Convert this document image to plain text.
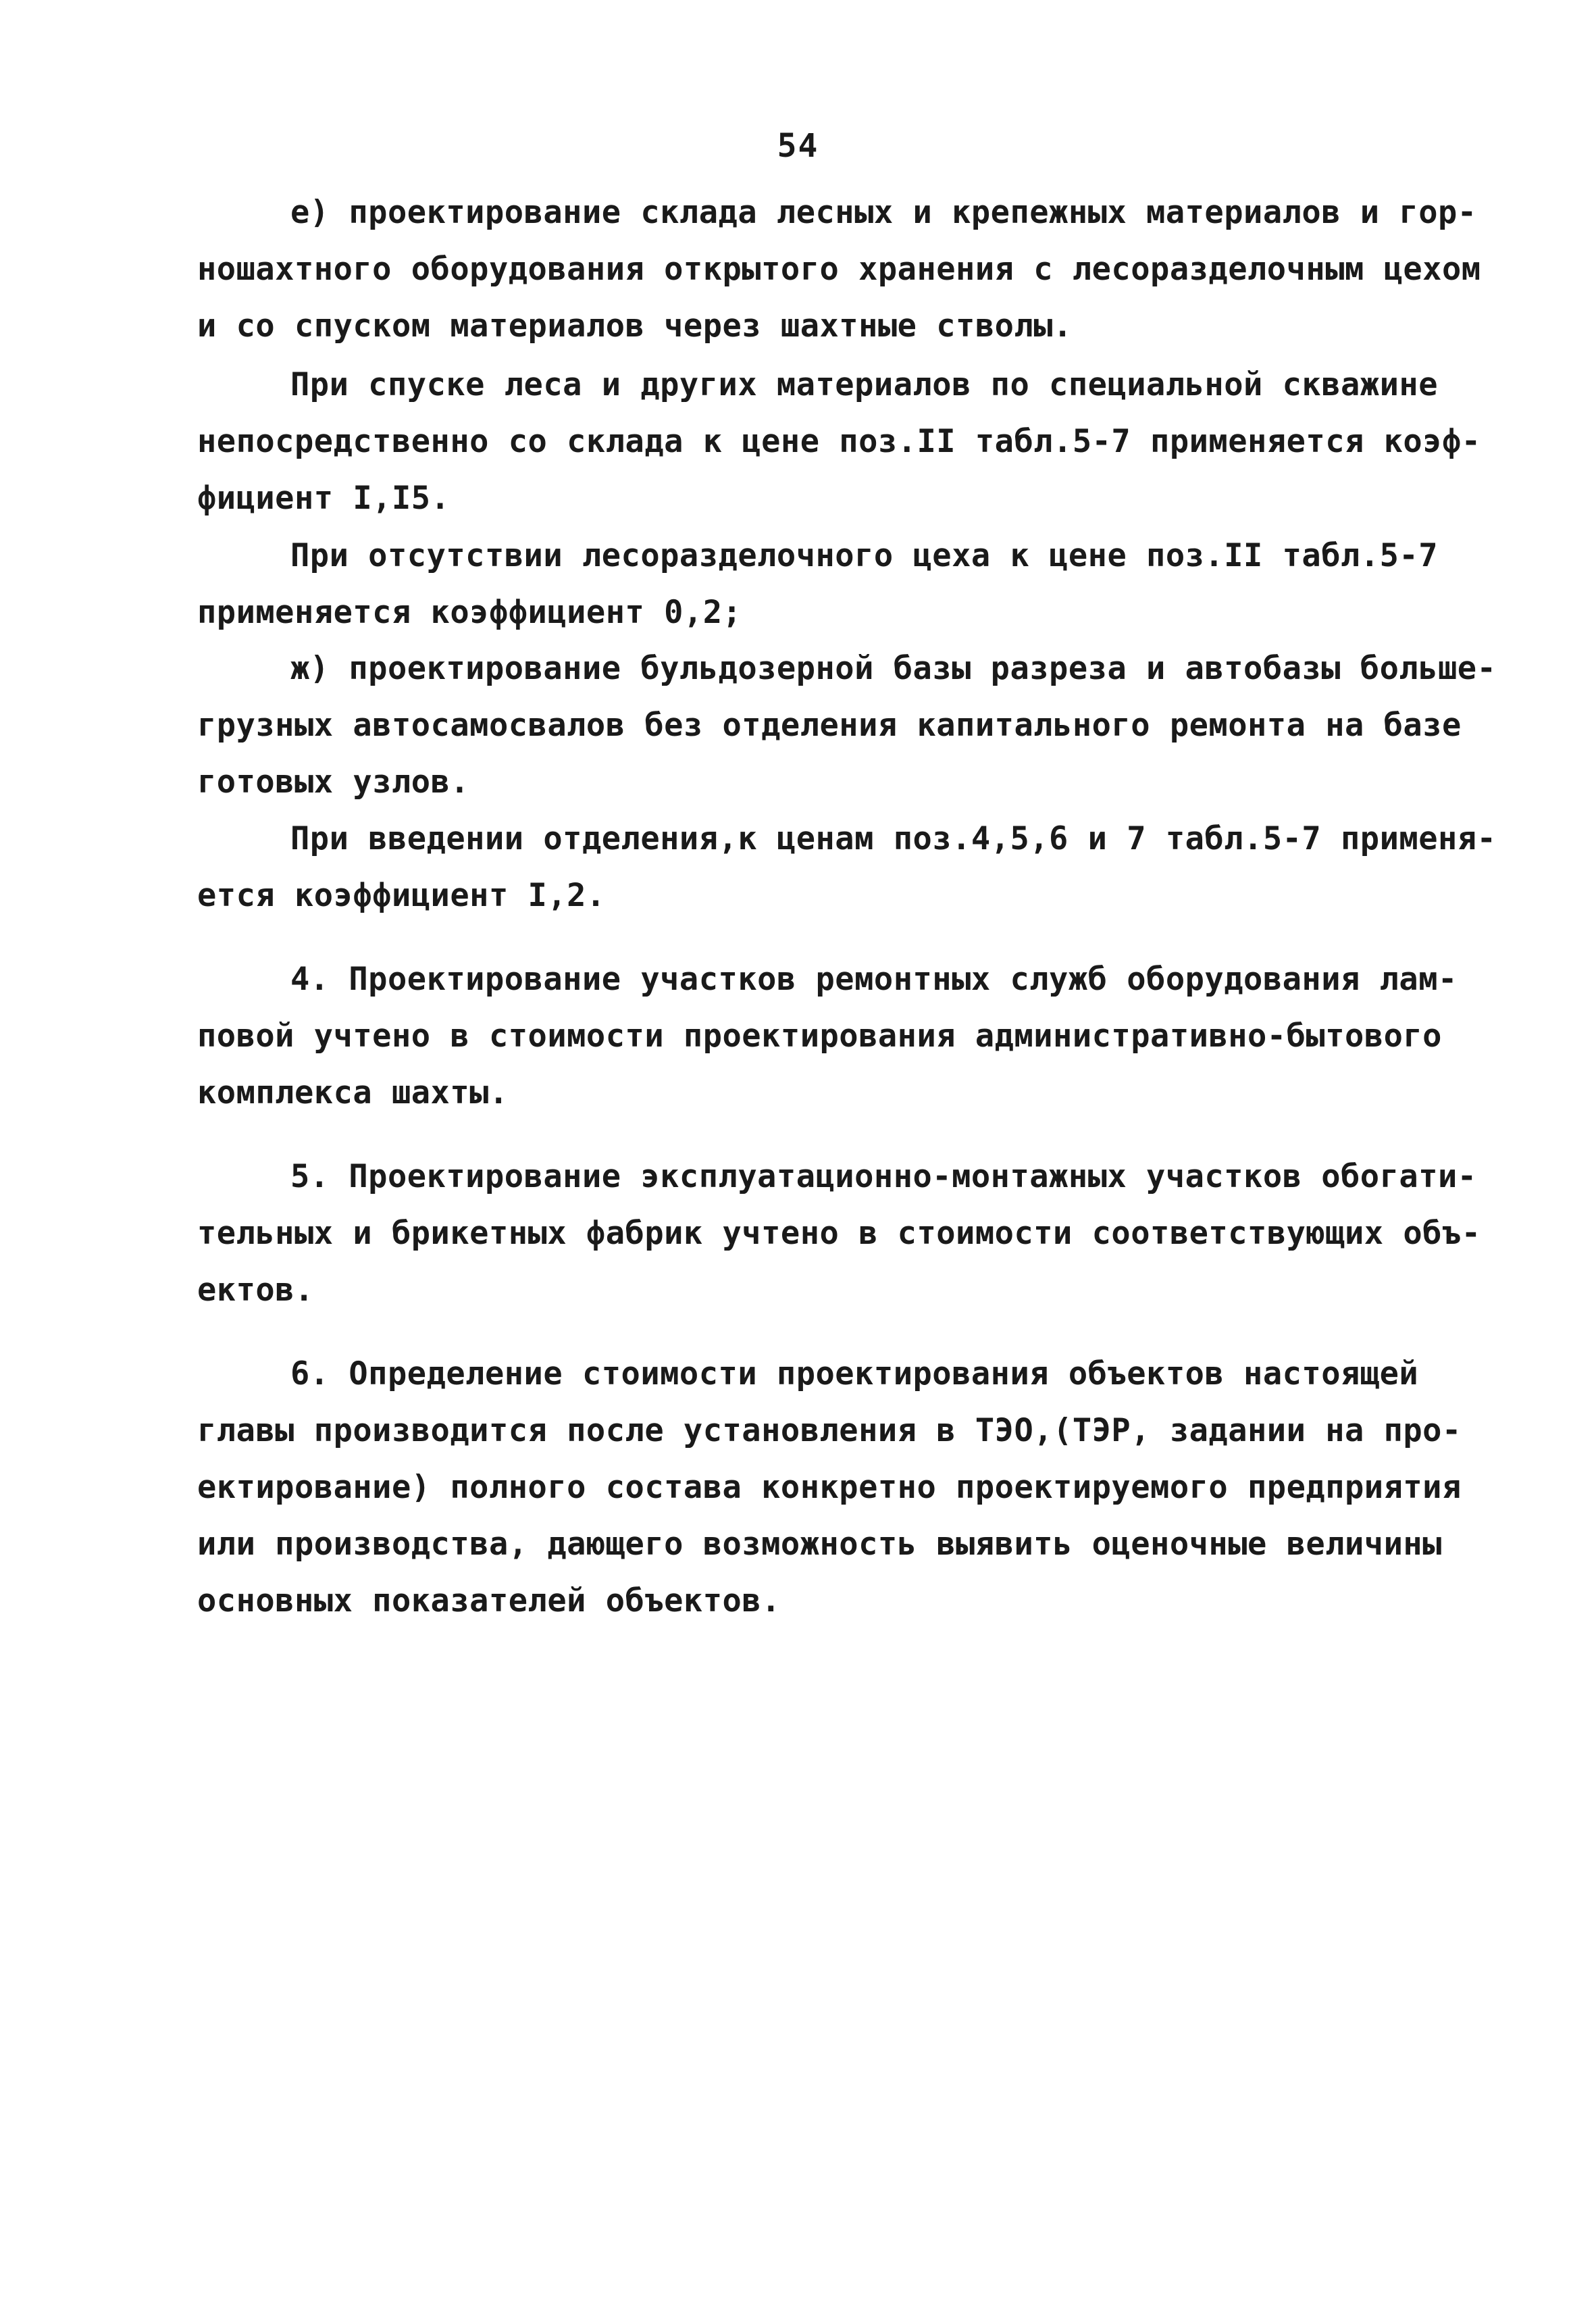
54
е) проектирование склада лесных и крепежных материалов и гор-
ношахтного оборудования открытого хранения с лесоразделочным цехом
и со спуском материалов через шахтные стволы.
При спуске леса и других материалов по специальной скважине
непосредственно со склада к цене поз.II табл.5-7 применяется коэф-
фициент I,I5.
При отсутствии лесоразделочного цеха к цене поз.II табл.5-7
применяется коэффициент 0,2;
ж) проектирование бульдозерной базы разреза и автобазы больше-
грузных автосамосвалов без отделения капитального ремонта на базе
готовых узлов.
При введении отделения,к ценам поз.4,5,6 и 7 табл.5-7 применя-
ется коэффициент I,2.
4. Проектирование участков ремонтных служб оборудования лам-
повой учтено в стоимости проектирования административно-бытового
комплекса шахты.
5. Проектирование эксплуатационно-монтажных участков обогати-
тельных и брикетных фабрик учтено в стоимости соответствующих объ-
ектов.
6. Определение стоимости проектирования объектов настоящей
главы производится после установления в ТЭО,(ТЭР, задании на про-
ектирование) полного состава конкретно проектируемого предприятия
или производства, дающего возможность выявить оценочные величины
основных показателей объектов.
